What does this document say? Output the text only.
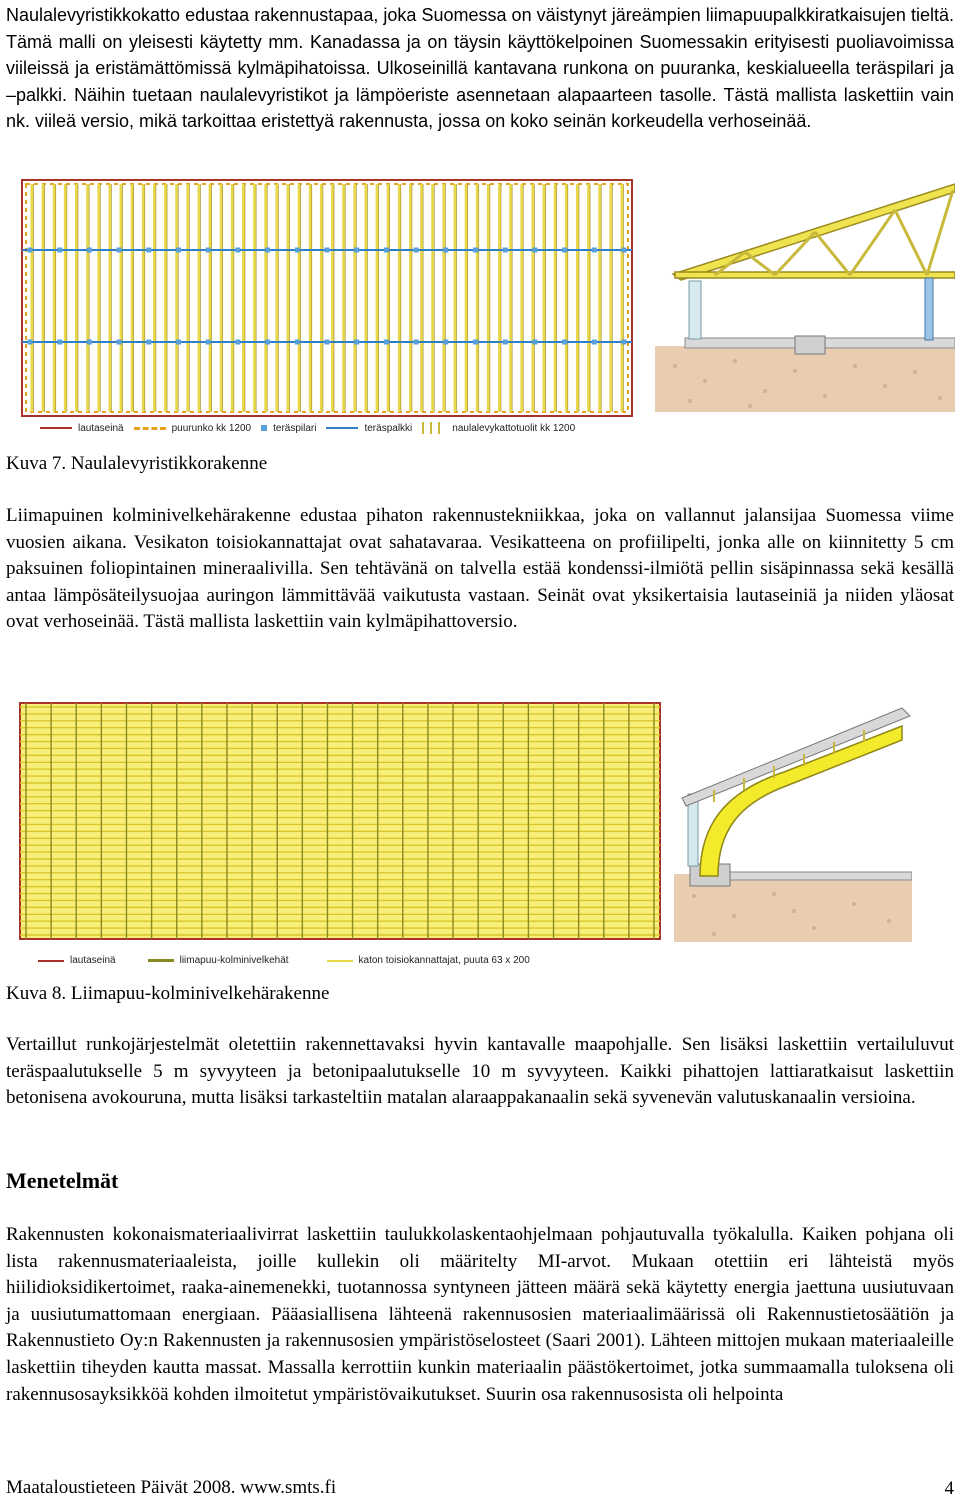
Naulalevyristikkokatto edustaa rakennustapaa, joka Suomessa on väistynyt järeämpien liimapuupalkkiratkaisujen tieltä. Tämä malli on yleisesti käytetty mm. Kanadassa ja on täysin käyttökelpoinen Suomessakin erityisesti puoliavoimissa viileissä ja eristämättömissä kylmäpihatoissa. Ulkoseinillä kantavana runkona on puuranka, keskialueella teräspilari ja –palkki. Näihin tuetaan naulalevyristikot ja lämpöeriste asennetaan alapaarteen tasolle. Tästä mallista laskettiin vain nk. viileä versio, mikä tarkoittaa eristettyä rakennusta, jossa on koko seinän korkeudella verhoseinää.

lautaseinä	puurunko kk 1200 teräspilari	teräspalkki	naulalevykattotuolit kk 1200

Kuva 7. Naulalevyristikkorakenne

Liimapuinen kolminivelkehärakenne edustaa pihaton rakennustekniikkaa, joka on vallannut jalansijaa Suomessa viime vuosien aikana. Vesikaton toisiokannattajat ovat sahatavaraa. Vesikatteena on profiilipelti, jonka alle on kiinnitetty 5 cm paksuinen foliopintainen mineraalivilla. Sen tehtävänä on talvella estää kondenssi-ilmiötä pellin sisäpinnassa sekä kesällä antaa lämpösäteilysuojaa auringon lämmittävää vaikutusta vastaan. Seinät ovat yksikertaisia lautaseiniä ja niiden yläosat ovat verhoseinää. Tästä mallista laskettiin vain kylmäpihattoversio.

lautaseinä	liimapuu-kolminivelkehät	katon toisiokannattajat, puuta 63 x 200

Kuva 8. Liimapuu-kolminivelkehärakenne

Vertaillut runkojärjestelmät oletettiin rakennettavaksi hyvin kantavalle maapohjalle. Sen lisäksi laskettiin vertailuluvut teräspaalutukselle 5 m syvyyteen ja betonipaalutukselle 10 m syvyyteen. Kaikki pihattojen lattiaratkaisut laskettiin betonisena avokouruna, mutta lisäksi tarkasteltiin matalan alaraappakanaalin sekä syvenevän valutuskanaalin versioina.

Menetelmät

Rakennusten kokonaismateriaalivirrat laskettiin taulukkolaskentaohjelmaan pohjautuvalla työkalulla. Kaiken pohjana oli lista rakennusmateriaaleista, joille kullekin oli määritelty MI-arvot. Mukaan otettiin eri lähteistä myös hiilidioksidikertoimet, raaka-ainemenekki, tuotannossa syntyneen jätteen määrä sekä käytetty energia jaettuna uusiutuvaan ja uusiutumattomaan energiaan. Pääasiallisena lähteenä rakennusosien materiaalimäärissä oli Rakennustietosäätiön ja Rakennustieto Oy:n Rakennusten ja rakennusosien ympäristöselosteet (Saari 2001). Lähteen mittojen mukaan materiaaleille laskettiin tiheyden kautta massat. Massalla kerrottiin kunkin materiaalin päästökertoimet, jotka summaamalla tuloksena oli rakennusosayksikköä kohden ilmoitetut ympäristövaikutukset. Suurin osa rakennusosista oli helpointa

Maataloustieteen Päivät 2008. www.smts.fi	4
